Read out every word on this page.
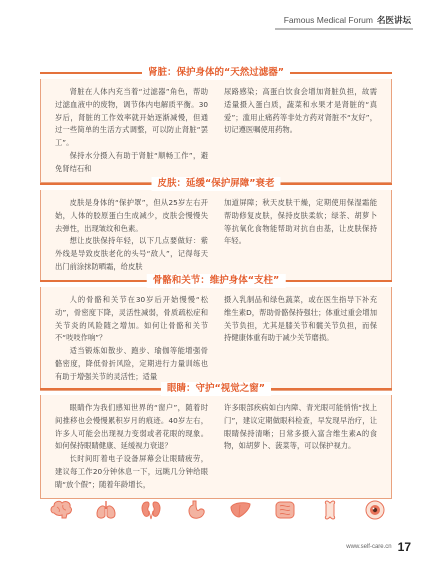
Famous Medical Forum 名医讲坛
肾脏：保护身体的“天然过滤器”

肾脏在人体内充当着“过滤器”角色，帮助过滤血液中的废物，调节体内电解质平衡。30岁后，肾脏的工作效率就开始逐渐减慢，但通过一些简单的生活方式调整，可以防止肾脏“罢工”。

保持水分摄入有助于肾脏“顺畅工作”，避免肾结石和

尿路感染；高蛋白饮食会增加肾脏负担，故需适量摄入蛋白质，蔬菜和水果才是肾脏的“真爱”；滥用止痛药等非处方药对肾脏不“友好”，切记遵医嘱使用药物。

皮肤：延缓“保护屏障”衰老

皮肤是身体的“保护罩”，但从25岁左右开始，人体的胶原蛋白生成减少，皮肤会慢慢失去弹性，出现皱纹和色素。

想让皮肤保持年轻，以下几点要做好：紫外线是导致皮肤老化的头号“敌人”，记得每天出门前涂抹防晒霜，给皮肤

加道屏障；秋天皮肤干燥，定期使用保湿霜能帮助修复皮肤，保持皮肤柔软；绿茶、胡萝卜等抗氧化食物能帮助对抗自由基，让皮肤保持年轻。

骨骼和关节：维护身体“支柱”

人的骨骼和关节在30岁后开始慢慢“松动”，骨密度下降，灵活性减弱，骨质疏松症和关节炎的风险随之增加。如何让骨骼和关节不“吱吱作响”？

适当锻炼如散步、跑步、瑜伽等能增强骨骼密度，降低骨折风险，定期进行力量训练也有助于增强关节的灵活性；适量

摄入乳制品和绿色蔬菜，或在医生指导下补充维生素D，帮助骨骼保持强壮；体重过重会增加关节负担，尤其是膝关节和髋关节负担，而保持健康体重有助于减少关节磨损。

眼睛：守护“视觉之窗”

眼睛作为我们感知世界的“窗户”，随着时间推移也会慢慢累积岁月的痕迹。40岁左右，许多人可能会出现视力变弱或者花眼的现象。如何保持眼睛健康、延缓视力衰退？

长时间盯着电子设备屏幕会让眼睛疲劳，建议每工作20分钟休息一下，远眺几分钟给眼睛“放个假”；随着年龄增长，

许多眼部疾病如白内障、青光眼可能悄悄“找上门”，建议定期做眼科检查，早发现早治疗，让眼睛保持清晰；日常多摄入富含维生素A的食物，如胡萝卜、菠菜等，可以保护视力。

www.self-care.cn 17
